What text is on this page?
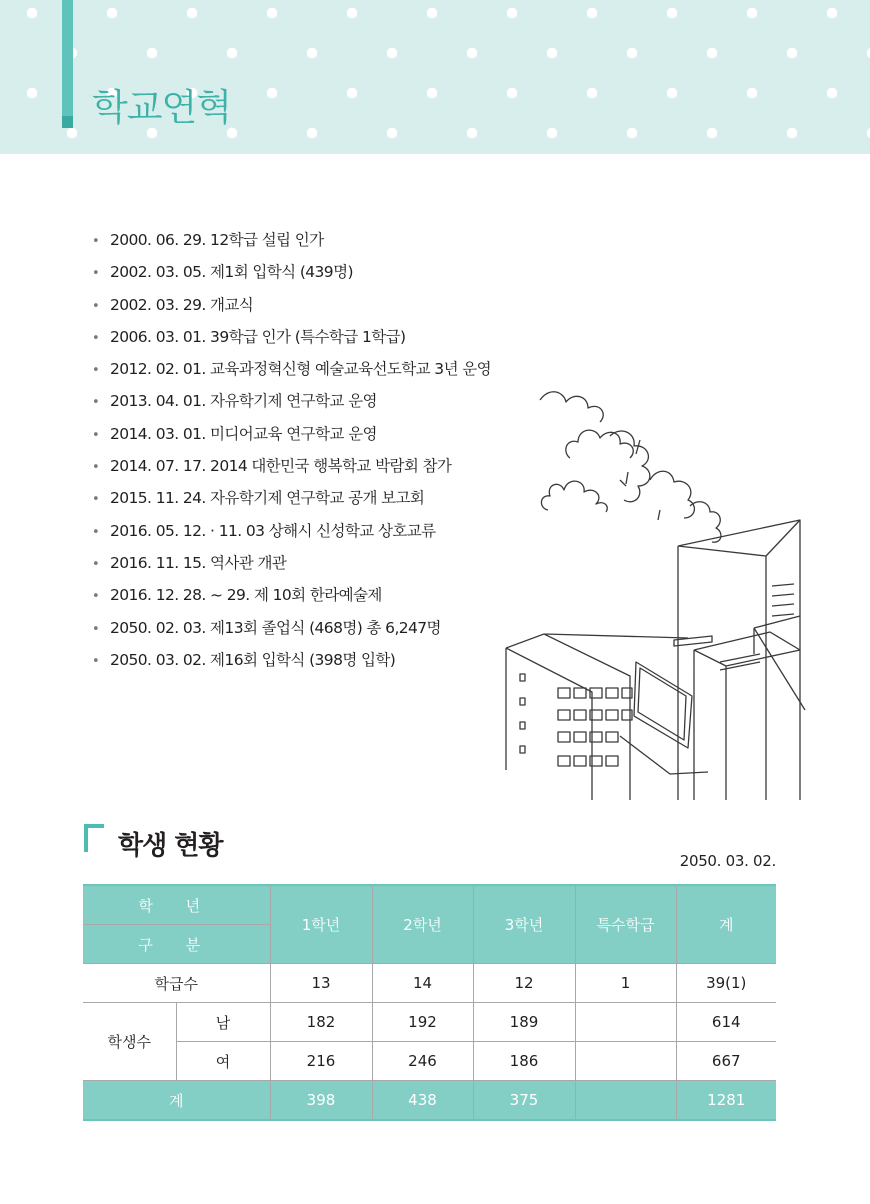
학교연혁
• 2000. 06. 29. 12학급 설립 인가
• 2002. 03. 05. 제1회 입학식 (439명)
• 2002. 03. 29. 개교식
• 2006. 03. 01. 39학급 인가 (특수학급 1학급)
• 2012. 02. 01. 교육과정혁신형 예술교육선도학교 3년 운영
• 2013. 04. 01. 자유학기제 연구학교 운영
• 2014. 03. 01. 미디어교육 연구학교 운영
• 2014. 07. 17. 2014 대한민국 행복학교 박람회 참가
• 2015. 11. 24. 자유학기제 연구학교 공개 보고회
• 2016. 05. 12. · 11. 03 상해시 신성학교 상호교류
• 2016. 11. 15. 역사관 개관
• 2016. 12. 28. ~ 29. 제 10회 한라예술제
• 2050. 02. 03. 제13회 졸업식 (468명) 총 6,247명
• 2050. 03. 02. 제16회 입학식 (398명 입학)
학생 현황	2050. 03. 02.
학 년		1학년	2학년	3학년	특수학급	계
구 분						
학급수		13	14	12	1	39(1)
학생수	남	182	192	189		614
	여	216	246	186		667
계		398	438	375		1281
